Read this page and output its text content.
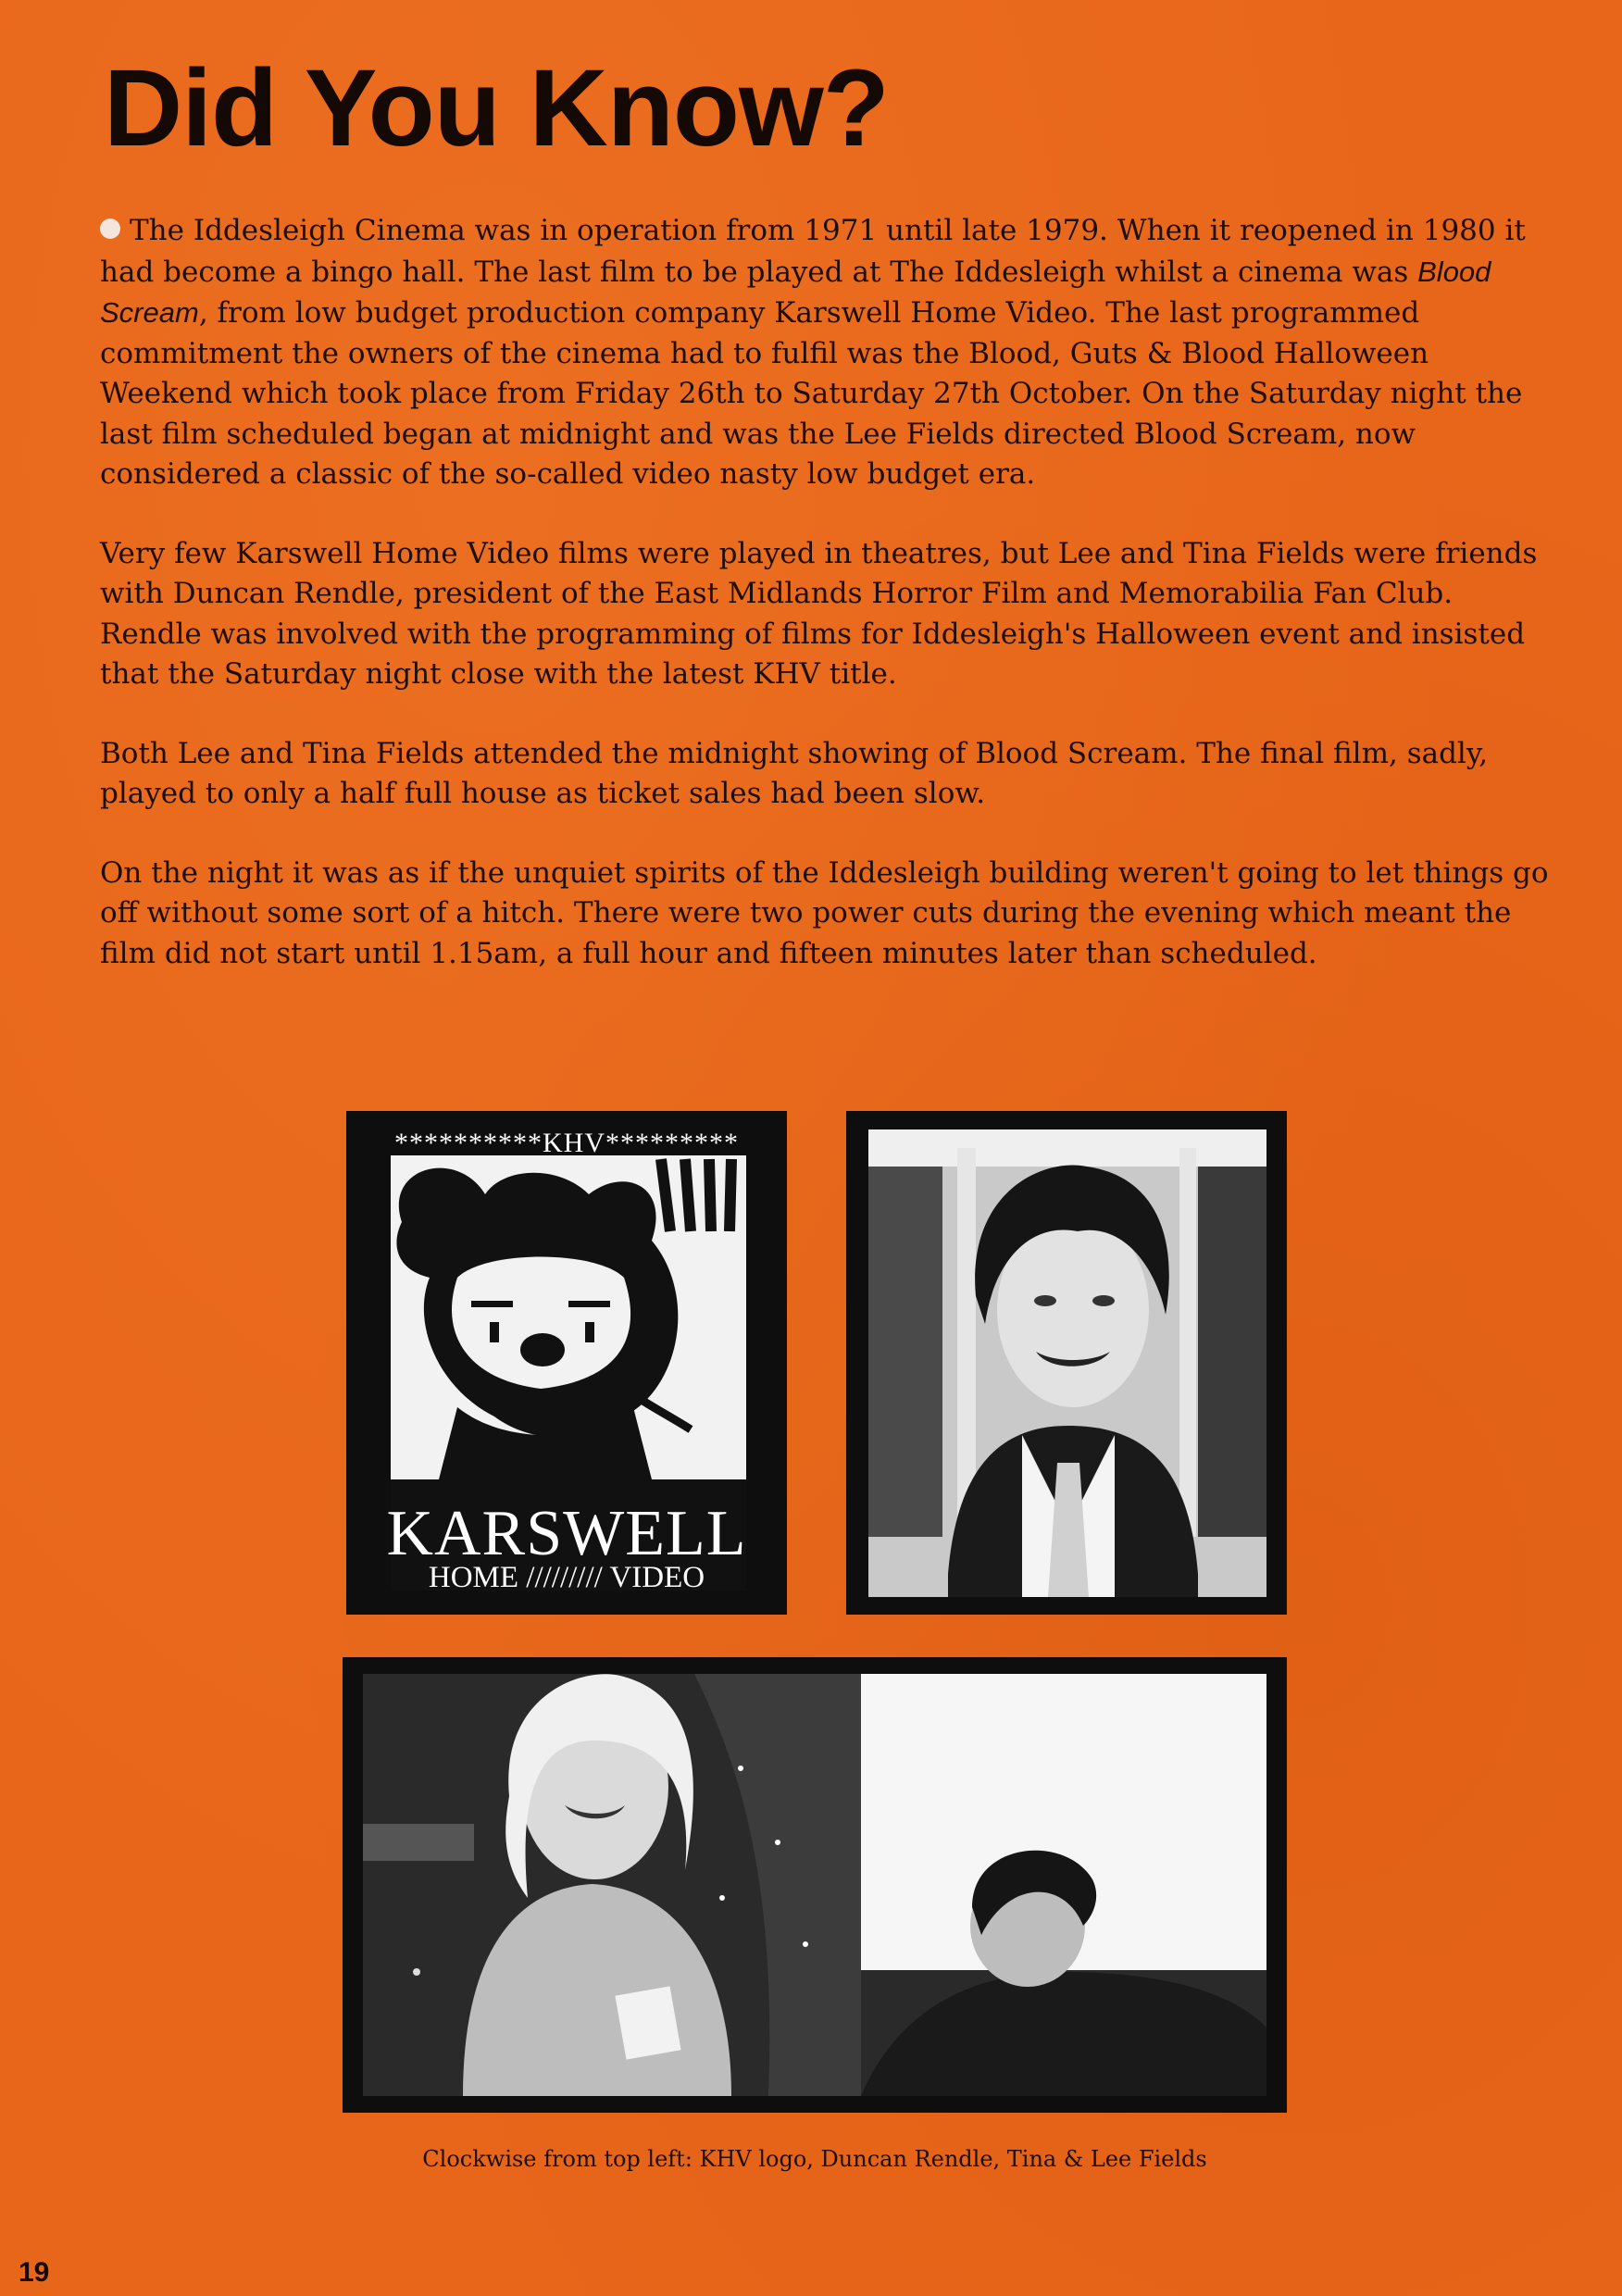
Did You Know?

The Iddesleigh Cinema was in operation from 1971 until late 1979. When it reopened in 1980 it had become a bingo hall. The last film to be played at The Iddesleigh whilst a cinema was Blood Scream, from low budget production company Karswell Home Video. The last programmed commitment the owners of the cinema had to fulfil was the Blood, Guts & Blood Halloween Weekend which took place from Friday 26th to Saturday 27th October. On the Saturday night the last film scheduled began at midnight and was the Lee Fields directed Blood Scream, now considered a classic of the so-called video nasty low budget era.

Very few Karswell Home Video films were played in theatres, but Lee and Tina Fields were friends with Duncan Rendle, president of the East Midlands Horror Film and Memorabilia Fan Club. Rendle was involved with the programming of films for Iddesleigh's Halloween event and insisted that the Saturday night close with the latest KHV title.

Both Lee and Tina Fields attended the midnight showing of Blood Scream. The final film, sadly, played to only a half full house as ticket sales had been slow.

On the night it was as if the unquiet spirits of the Iddesleigh building weren't going to let things go off without some sort of a hitch. There were two power cuts during the evening which meant the film did not start until 1.15am, a full hour and fifteen minutes later than scheduled.

**********KHV*********
KARSWELL
HOME ///////// VIDEO
Clockwise from top left: KHV logo, Duncan Rendle, Tina & Lee Fields
19
